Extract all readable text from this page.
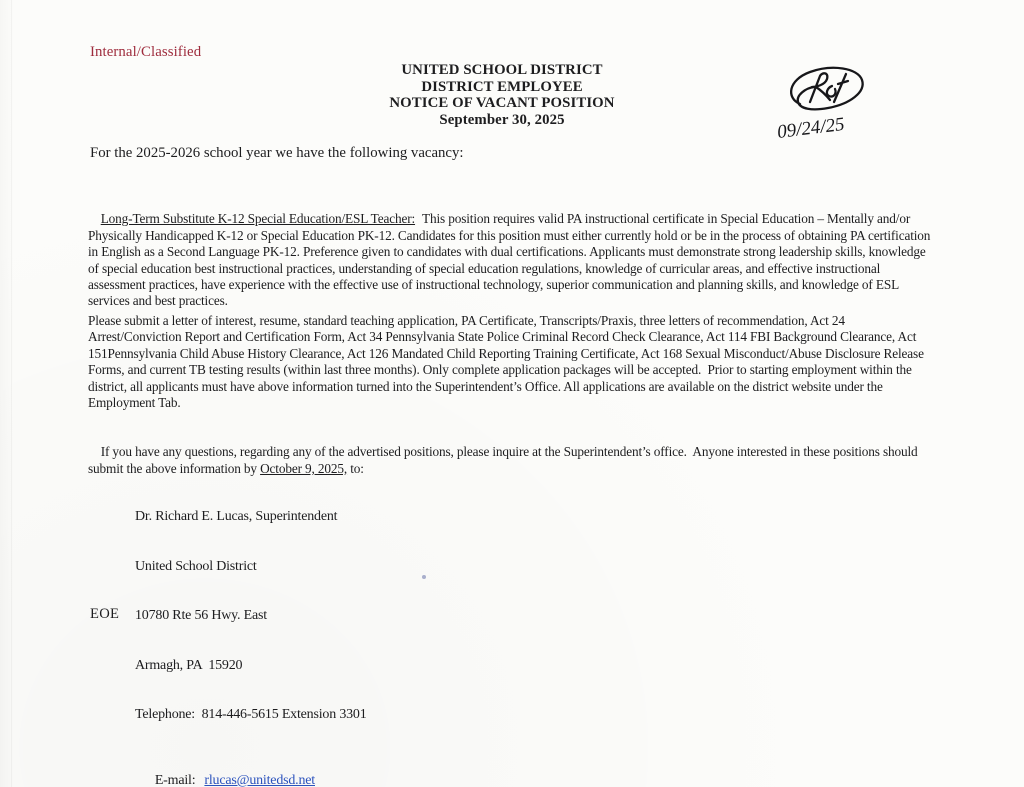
Internal/Classified
UNITED SCHOOL DISTRICT
DISTRICT EMPLOYEE
NOTICE OF VACANT POSITION
September 30, 2025	09/24/25
For the 2025-2026 school year we have the following vacancy:

Long-Term Substitute K-12 Special Education/ESL Teacher: This position requires valid PA instructional certificate in Special Education – Mentally and/or Physically Handicapped K-12 or Special Education PK-12. Candidates for this position must either currently hold or be in the process of obtaining PA certification in English as a Second Language PK-12. Preference given to candidates with dual certifications. Applicants must demonstrate strong leadership skills, knowledge of special education best instructional practices, understanding of special education regulations, knowledge of curricular areas, and effective instructional assessment practices, have experience with the effective use of instructional technology, superior communication and planning skills, and knowledge of ESL services and best practices.

Please submit a letter of interest, resume, standard teaching application, PA Certificate, Transcripts/Praxis, three letters of recommendation, Act 24 Arrest/Conviction Report and Certification Form, Act 34 Pennsylvania State Police Criminal Record Check Clearance, Act 114 FBI Background Clearance, Act 151Pennsylvania Child Abuse History Clearance, Act 126 Mandated Child Reporting Training Certificate, Act 168 Sexual Misconduct/Abuse Disclosure Release Forms, and current TB testing results (within last three months). Only complete application packages will be accepted.  Prior to starting employment within the district, all applicants must have above information turned into the Superintendent’s Office. All applications are available on the district website under the Employment Tab.

If you have any questions, regarding any of the advertised positions, please inquire at the Superintendent’s office.  Anyone interested in these positions should submit the above information by October 9, 2025, to:

Dr. Richard E. Lucas, Superintendent

United School District

10780 Rte 56 Hwy. East

Armagh, PA  15920

Telephone:  814-446-5615 Extension 3301

E-mail: rlucas@unitedsd.net

EOE
